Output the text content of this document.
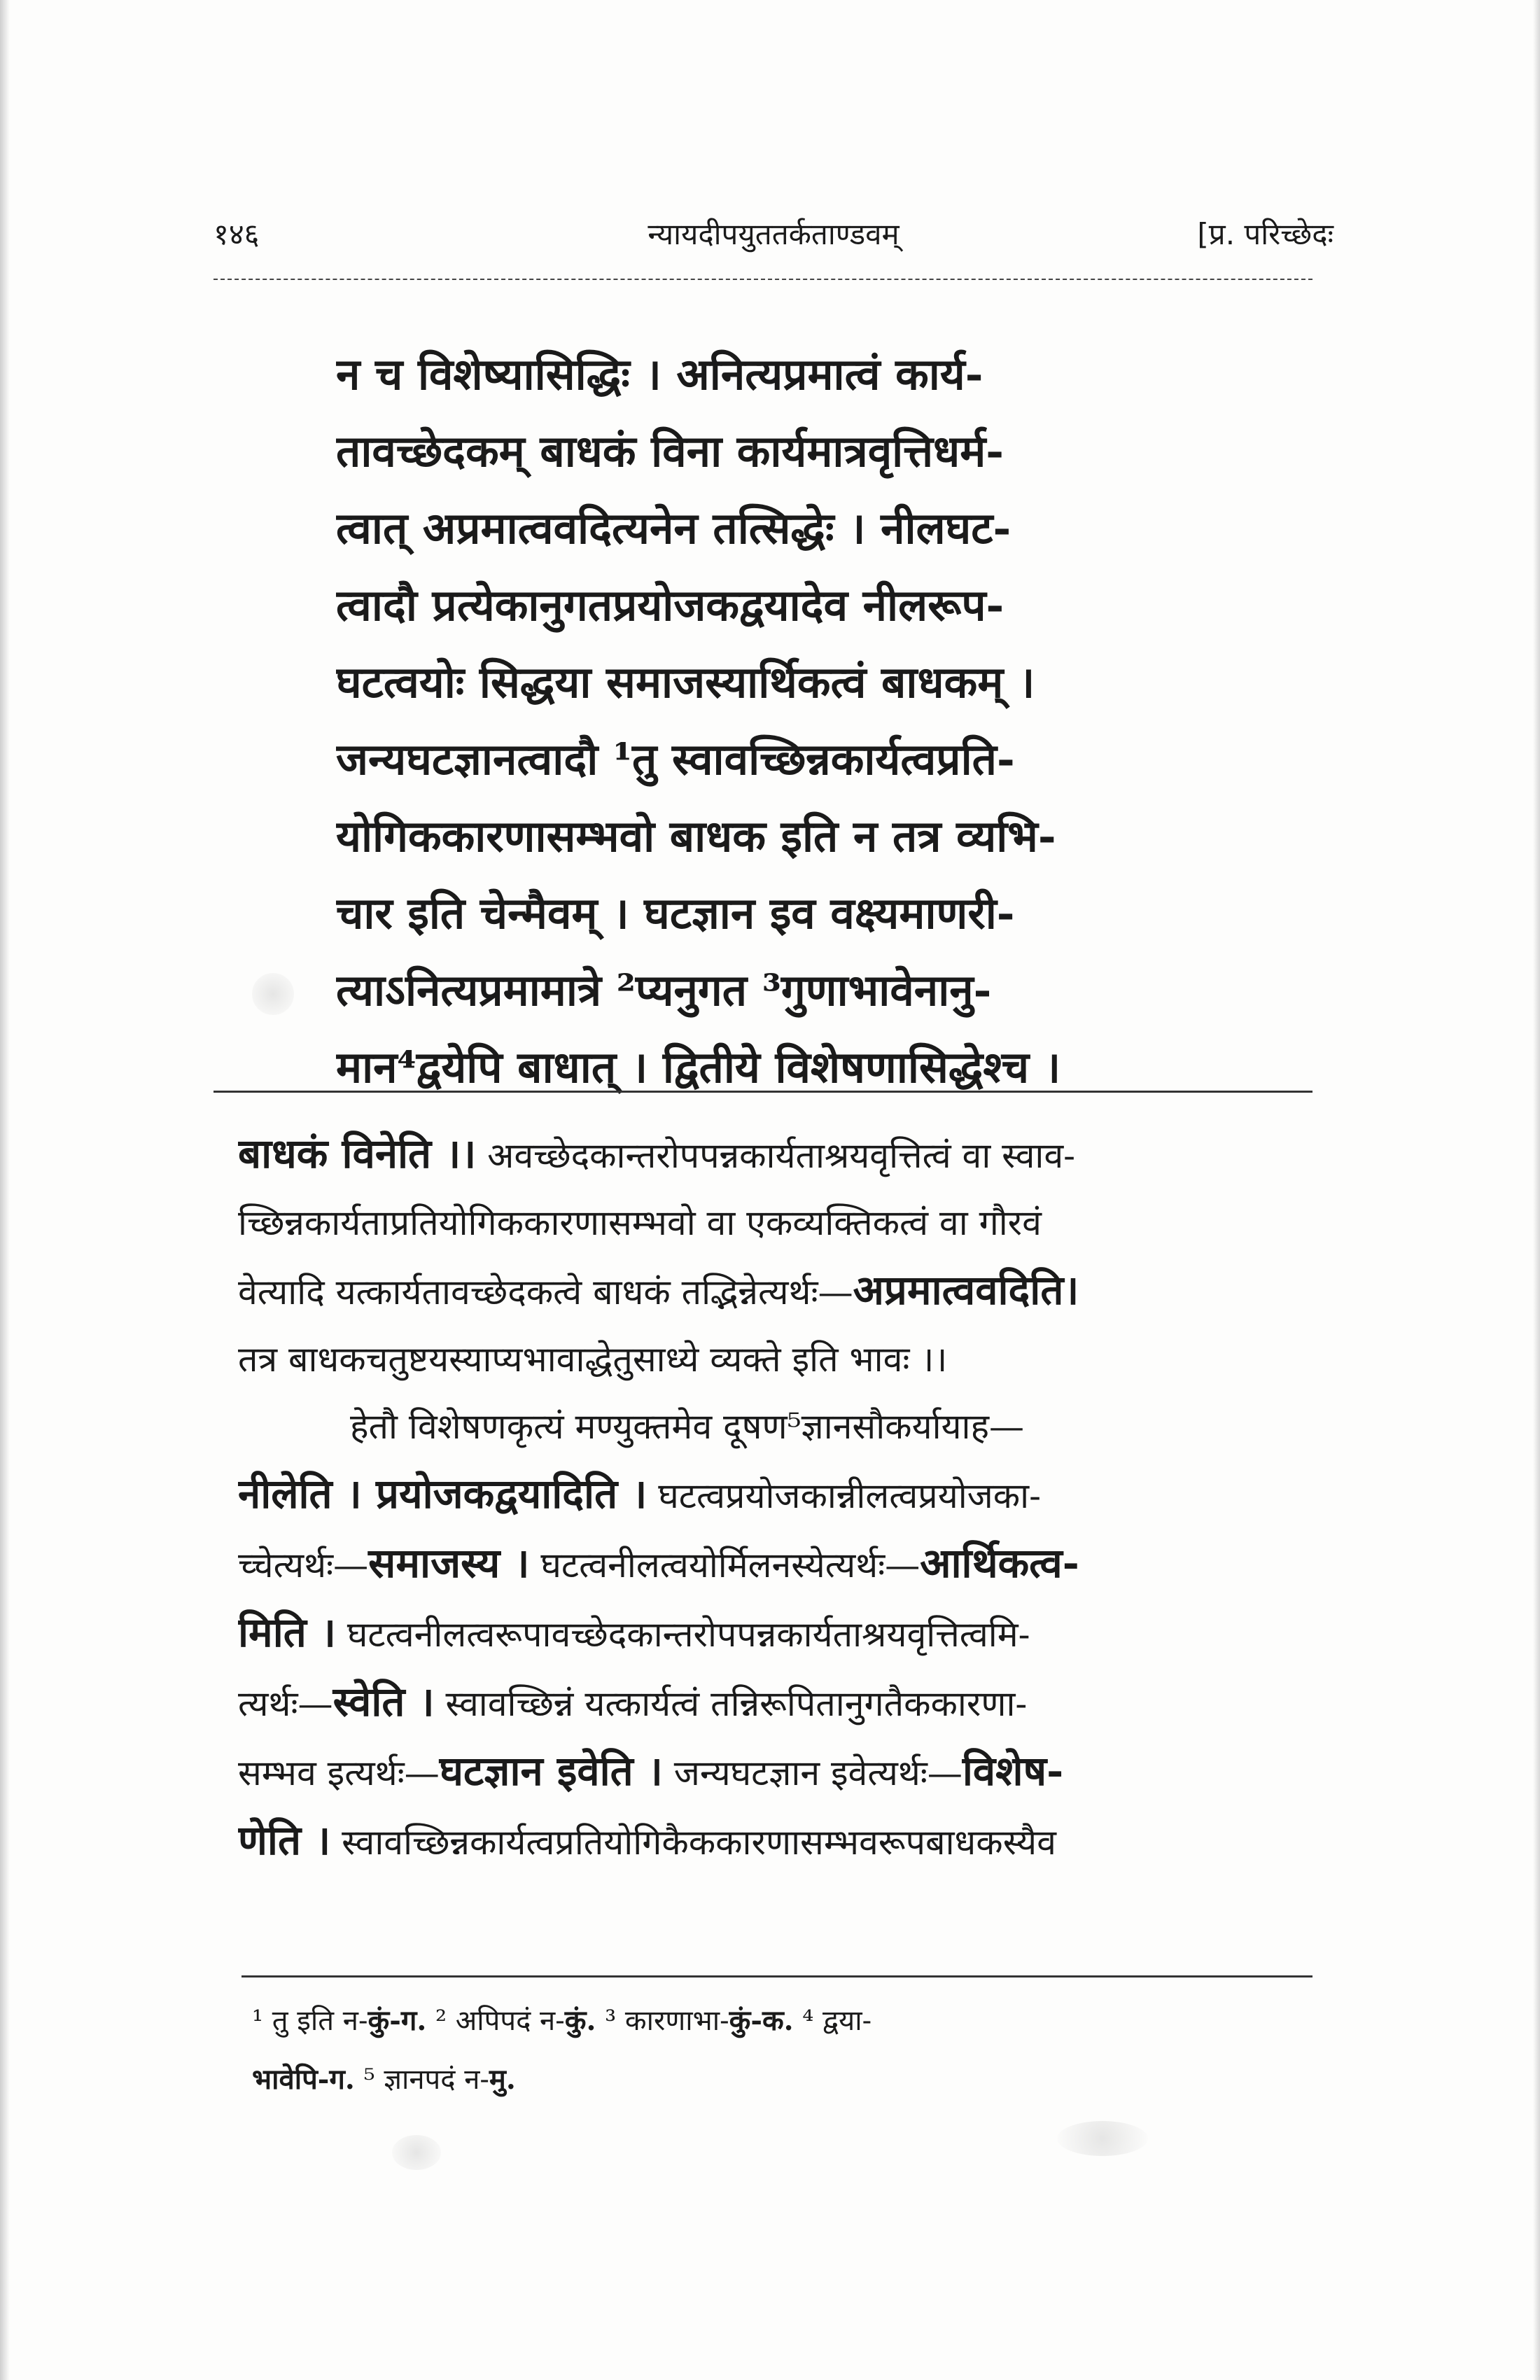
१४६	न्यायदीपयुततर्कताण्डवम्	[प्र. परिच्छेदः
न च विशेष्यासिद्धिः । अनित्यप्रमात्वं कार्य-
तावच्छेदकम् बाधकं विना कार्यमात्रवृत्तिधर्म-
त्वात् अप्रमात्ववदित्यनेन तत्सिद्धेः । नीलघट-
त्वादौ प्रत्येकानुगतप्रयोजकद्वयादेव नीलरूप-
घटत्वयोः सिद्धया समाजस्यार्थिकत्वं बाधकम् ।
जन्यघटज्ञानत्वादौ ¹तु स्वावच्छिन्नकार्यत्वप्रति-
योगिककारणासम्भवो बाधक इति न तत्र व्यभि-
चार इति चेन्मैवम् । घटज्ञान इव वक्ष्यमाणरी-
त्याऽनित्यप्रमामात्रे ²प्यनुगत ³गुणाभावेनानु-
मान⁴द्वयेपि बाधात् । द्वितीये विशेषणासिद्धेश्च ।
बाधकं विनेति ।। अवच्छेदकान्तरोपपन्नकार्यताश्रयवृत्तित्वं वा स्वाव-
च्छिन्नकार्यताप्रतियोगिककारणासम्भवो वा एकव्यक्तिकत्वं वा गौरवं
वेत्यादि यत्कार्यतावच्छेदकत्वे बाधकं तद्भिन्नेत्यर्थः—अप्रमात्ववदिति।
तत्र बाधकचतुष्टयस्याप्यभावाद्धेतुसाध्ये व्यक्ते इति भावः ।।
हेतौ विशेषणकृत्यं मण्युक्तमेव दूषण⁵ज्ञानसौकर्यायाह—
नीलेति । प्रयोजकद्वयादिति । घटत्वप्रयोजकान्नीलत्वप्रयोजका-
च्चेत्यर्थः—समाजस्य । घटत्वनीलत्वयोर्मिलनस्येत्यर्थः—आर्थिकत्व-
मिति । घटत्वनीलत्वरूपावच्छेदकान्तरोपपन्नकार्यताश्रयवृत्तित्वमि-
त्यर्थः—स्वेति । स्वावच्छिन्नं यत्कार्यत्वं तन्निरूपितानुगतैककारणा-
सम्भव इत्यर्थः—घटज्ञान इवेति । जन्यघटज्ञान इवेत्यर्थः—विशेष-
णेति । स्वावच्छिन्नकार्यत्वप्रतियोगिकैककारणासम्भवरूपबाधकस्यैव
¹ तु इति न-कुं-ग. ² अपिपदं न-कुं. ³ कारणाभा-कुं-क. ⁴ द्वया-
भावेपि-ग. ⁵ ज्ञानपदं न-मु.
